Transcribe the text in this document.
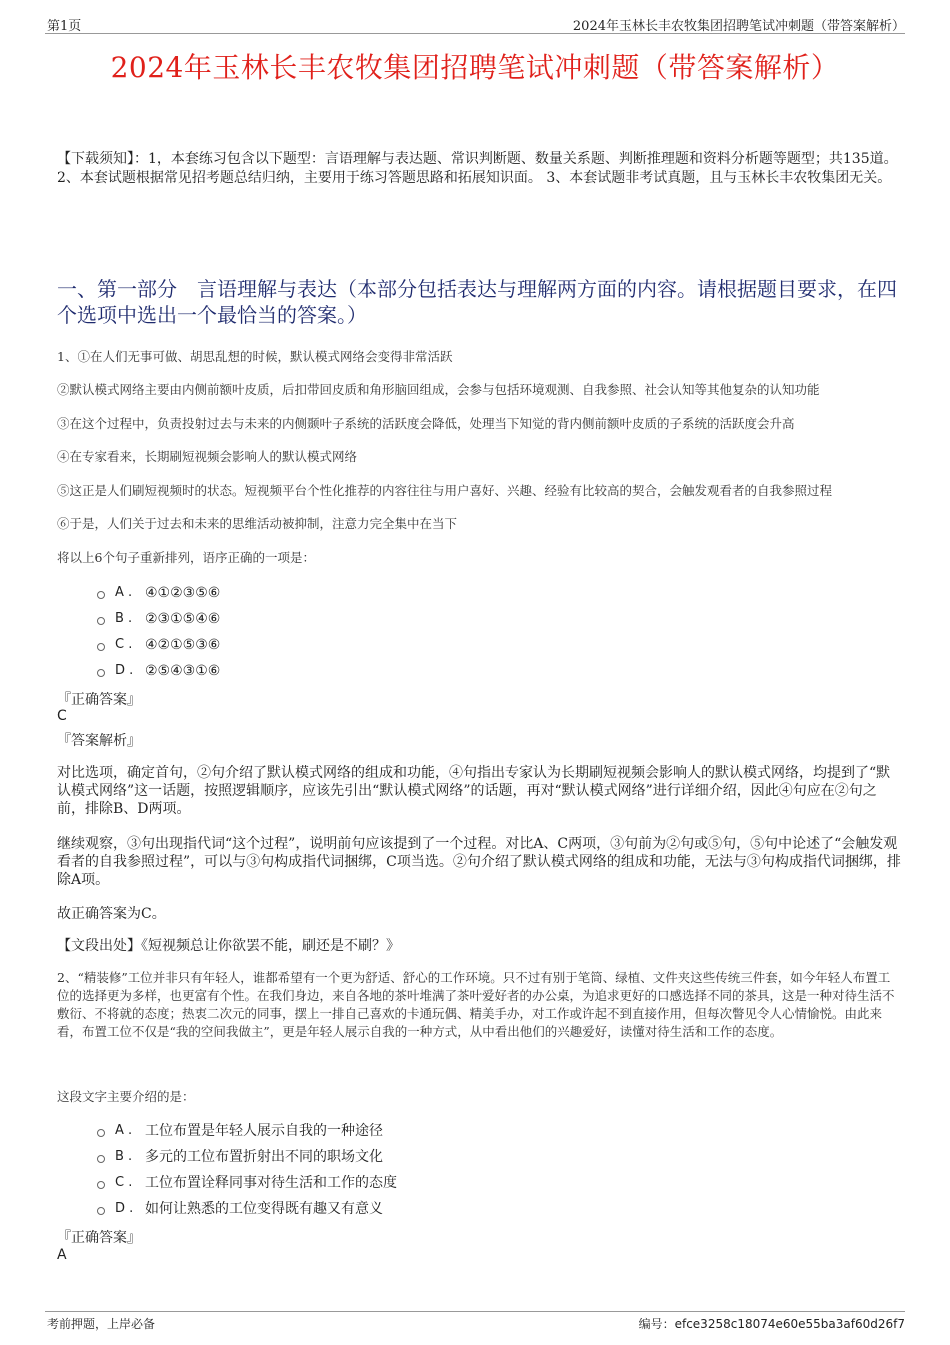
第1页	2024年玉林长丰农牧集团招聘笔试冲刺题（带答案解析）
2024年玉林长丰农牧集团招聘笔试冲刺题（带答案解析）
【下载须知】：1，本套练习包含以下题型：言语理解与表达题、常识判断题、数量关系题、判断推理题和资料分析题等题型；共135道。 2、本套试题根据常见招考题总结归纳，主要用于练习答题思路和拓展知识面。 3、本套试题非考试真题，且与玉林长丰农牧集团无关。
一、第一部分　言语理解与表达（本部分包括表达与理解两方面的内容。请根据题目要求，在四个选项中选出一个最恰当的答案。）
1、①在人们无事可做、胡思乱想的时候，默认模式网络会变得非常活跃
②默认模式网络主要由内侧前额叶皮质，后扣带回皮质和角形脑回组成，会参与包括环境观测、自我参照、社会认知等其他复杂的认知功能
③在这个过程中，负责投射过去与未来的内侧颞叶子系统的活跃度会降低，处理当下知觉的背内侧前额叶皮质的子系统的活跃度会升高
④在专家看来，长期刷短视频会影响人的默认模式网络
⑤这正是人们刷短视频时的状态。短视频平台个性化推荐的内容往往与用户喜好、兴趣、经验有比较高的契合，会触发观看者的自我参照过程
⑥于是，人们关于过去和未来的思维活动被抑制，注意力完全集中在当下
将以上6个句子重新排列，语序正确的一项是：
A . ④①②③⑤⑥
B . ②③①⑤④⑥
C . ④②①⑤③⑥
D . ②⑤④③①⑥
『正确答案』
C
『答案解析』
对比选项，确定首句，②句介绍了默认模式网络的组成和功能，④句指出专家认为长期刷短视频会影响人的默认模式网络，均提到了“默认模式网络”这一话题，按照逻辑顺序，应该先引出“默认模式网络”的话题，再对“默认模式网络”进行详细介绍，因此④句应在②句之前，排除B、D两项。
继续观察，③句出现指代词“这个过程”，说明前句应该提到了一个过程。对比A、C两项，③句前为②句或⑤句，⑤句中论述了“会触发观看者的自我参照过程”，可以与③句构成指代词捆绑，C项当选。②句介绍了默认模式网络的组成和功能，无法与③句构成指代词捆绑，排除A项。
故正确答案为C。
【文段出处】《短视频总让你欲罢不能，刷还是不刷？》
2、“精装修”工位并非只有年轻人，谁都希望有一个更为舒适、舒心的工作环境。只不过有别于笔筒、绿植、文件夹这些传统三件套，如今年轻人布置工位的选择更为多样，也更富有个性。在我们身边，来自各地的茶叶堆满了茶叶爱好者的办公桌，为追求更好的口感选择不同的茶具，这是一种对待生活不敷衍、不将就的态度；热衷二次元的同事，摆上一排自己喜欢的卡通玩偶、精美手办，对工作或许起不到直接作用，但每次瞥见令人心情愉悦。由此来看，布置工位不仅是“我的空间我做主”，更是年轻人展示自我的一种方式，从中看出他们的兴趣爱好，读懂对待生活和工作的态度。
这段文字主要介绍的是：
A . 工位布置是年轻人展示自我的一种途径
B . 多元的工位布置折射出不同的职场文化
C . 工位布置诠释同事对待生活和工作的态度
D . 如何让熟悉的工位变得既有趣又有意义
『正确答案』
A
考前押题，上岸必备	编号：efce3258c18074e60e55ba3af60d26f7
